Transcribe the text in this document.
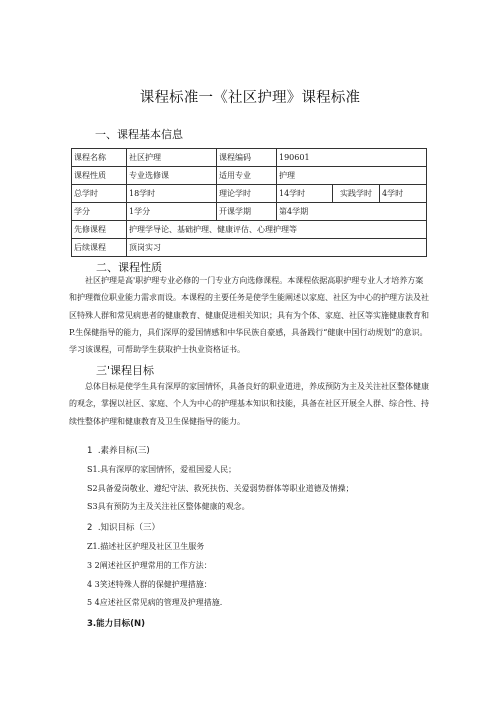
课程标准一《社区护理》课程标准
一、课程基本信息
课程名称	社区护理	课程编码	190601		
课程性质	专业选修课	适用专业	护理		
总学时	18学时	理论学时	14学时	实践学时	4学时
学分	1学分	开课学期	第4学期		
先修课程	护理学导论、基础护理、健康评估、心理护理等				
后续课程	顶岗实习				
二、课程性质
社区护理是高'职护理专业必修的一门专业方向选修课程。本课程依据高职护理专业人才培养方案
和护理微位职业能力需求而设。本课程的主要任务是使学生能阐述以家庭、社区为中心的护理方法及社
区特殊人群和常见病患者的健康教育、健康促进相关知识；具有为个体、家庭、社区等实施健康教育和
P.生保健指导的能力，具们深厚的爱国情感和中华民族自豪感，具备践行“健康中国行动规划”的意识。
学习该课程，可帮助学生获取护士执业资格证书。
三'课程目标
总体目标是使学生具有深厚的家国情怀，具备良好的职业道进，养成预防为主及关注社区整体健康
的观念，掌握以社区、家庭、个人为中心的护理基本知识和技能，具备在社区开展全人群、综合性、持
续性整体护理和健康教育及卫生保健指导的能力。
1 .素养目标(三)
S1.具有深厚的家国情怀，爱祖国爱人民；
S2具备爱岗敬业、遵纪守法、救死扶伤、关爱弱势群体等职业道德及情操；
S3具有预防为主及关注社区整体健康的观念。
2 .知识目标（三）
Z1.描述社区护理及社区卫生服务
3 2阐述社区护理常用的工作方法：
4 3笑述特殊人群的保健护理措施：
5 4应述社区常见病的管理及护理措施.
3.能力目标(N)
